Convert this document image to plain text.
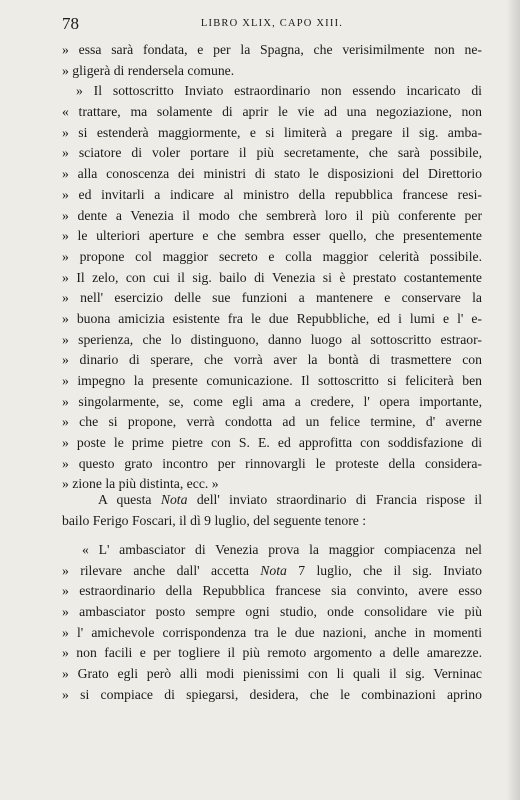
78	LIBRO XLIX, CAPO XIII.
» essa sarà fondata, e per la Spagna, che verisimilmente non ne-
» gligerà di rendersela comune.
» Il sottoscritto Inviato estraordinario non essendo incaricato di
« trattare, ma solamente di aprir le vie ad una negoziazione, non
» si estenderà maggiormente, e si limiterà a pregare il sig. amba-
» sciatore di voler portare il più secretamente, che sarà possibile,
» alla conoscenza dei ministri di stato le disposizioni del Direttorio
» ed invitarli a indicare al ministro della repubblica francese resi-
» dente a Venezia il modo che sembrerà loro il più conferente per
» le ulteriori aperture e che sembra esser quello, che presentemente
» propone col maggior secreto e colla maggior celerità possibile.
» Il zelo, con cui il sig. bailo di Venezia si è prestato costantemente
» nell' esercizio delle sue funzioni a mantenere e conservare la
» buona amicizia esistente fra le due Repubbliche, ed i lumi e l' e-
» sperienza, che lo distinguono, danno luogo al sottoscritto estraor-
» dinario di sperare, che vorrà aver la bontà di trasmettere con
» impegno la presente comunicazione. Il sottoscritto si feliciterà ben
» singolarmente, se, come egli ama a credere, l' opera importante,
» che si propone, verrà condotta ad un felice termine, d' averne
» poste le prime pietre con S. E. ed approfitta con soddisfazione di
» questo grato incontro per rinnovargli le proteste della considera-
» zione la più distinta, ecc. »
A questa Nota dell' inviato straordinario di Francia rispose il
bailo Ferigo Foscari, il dì 9 luglio, del seguente tenore :
« L' ambasciator di Venezia prova la maggior compiacenza nel
» rilevare anche dall' accetta Nota 7 luglio, che il sig. Inviato
» estraordinario della Repubblica francese sia convinto, avere esso
» ambasciator posto sempre ogni studio, onde consolidare vie più
» l' amichevole corrispondenza tra le due nazioni, anche in momenti
» non facili e per togliere il più remoto argomento a delle amarezze.
» Grato egli però alli modi pienissimi con li quali il sig. Verninac
» si compiace di spiegarsi, desidera, che le combinazioni aprino
